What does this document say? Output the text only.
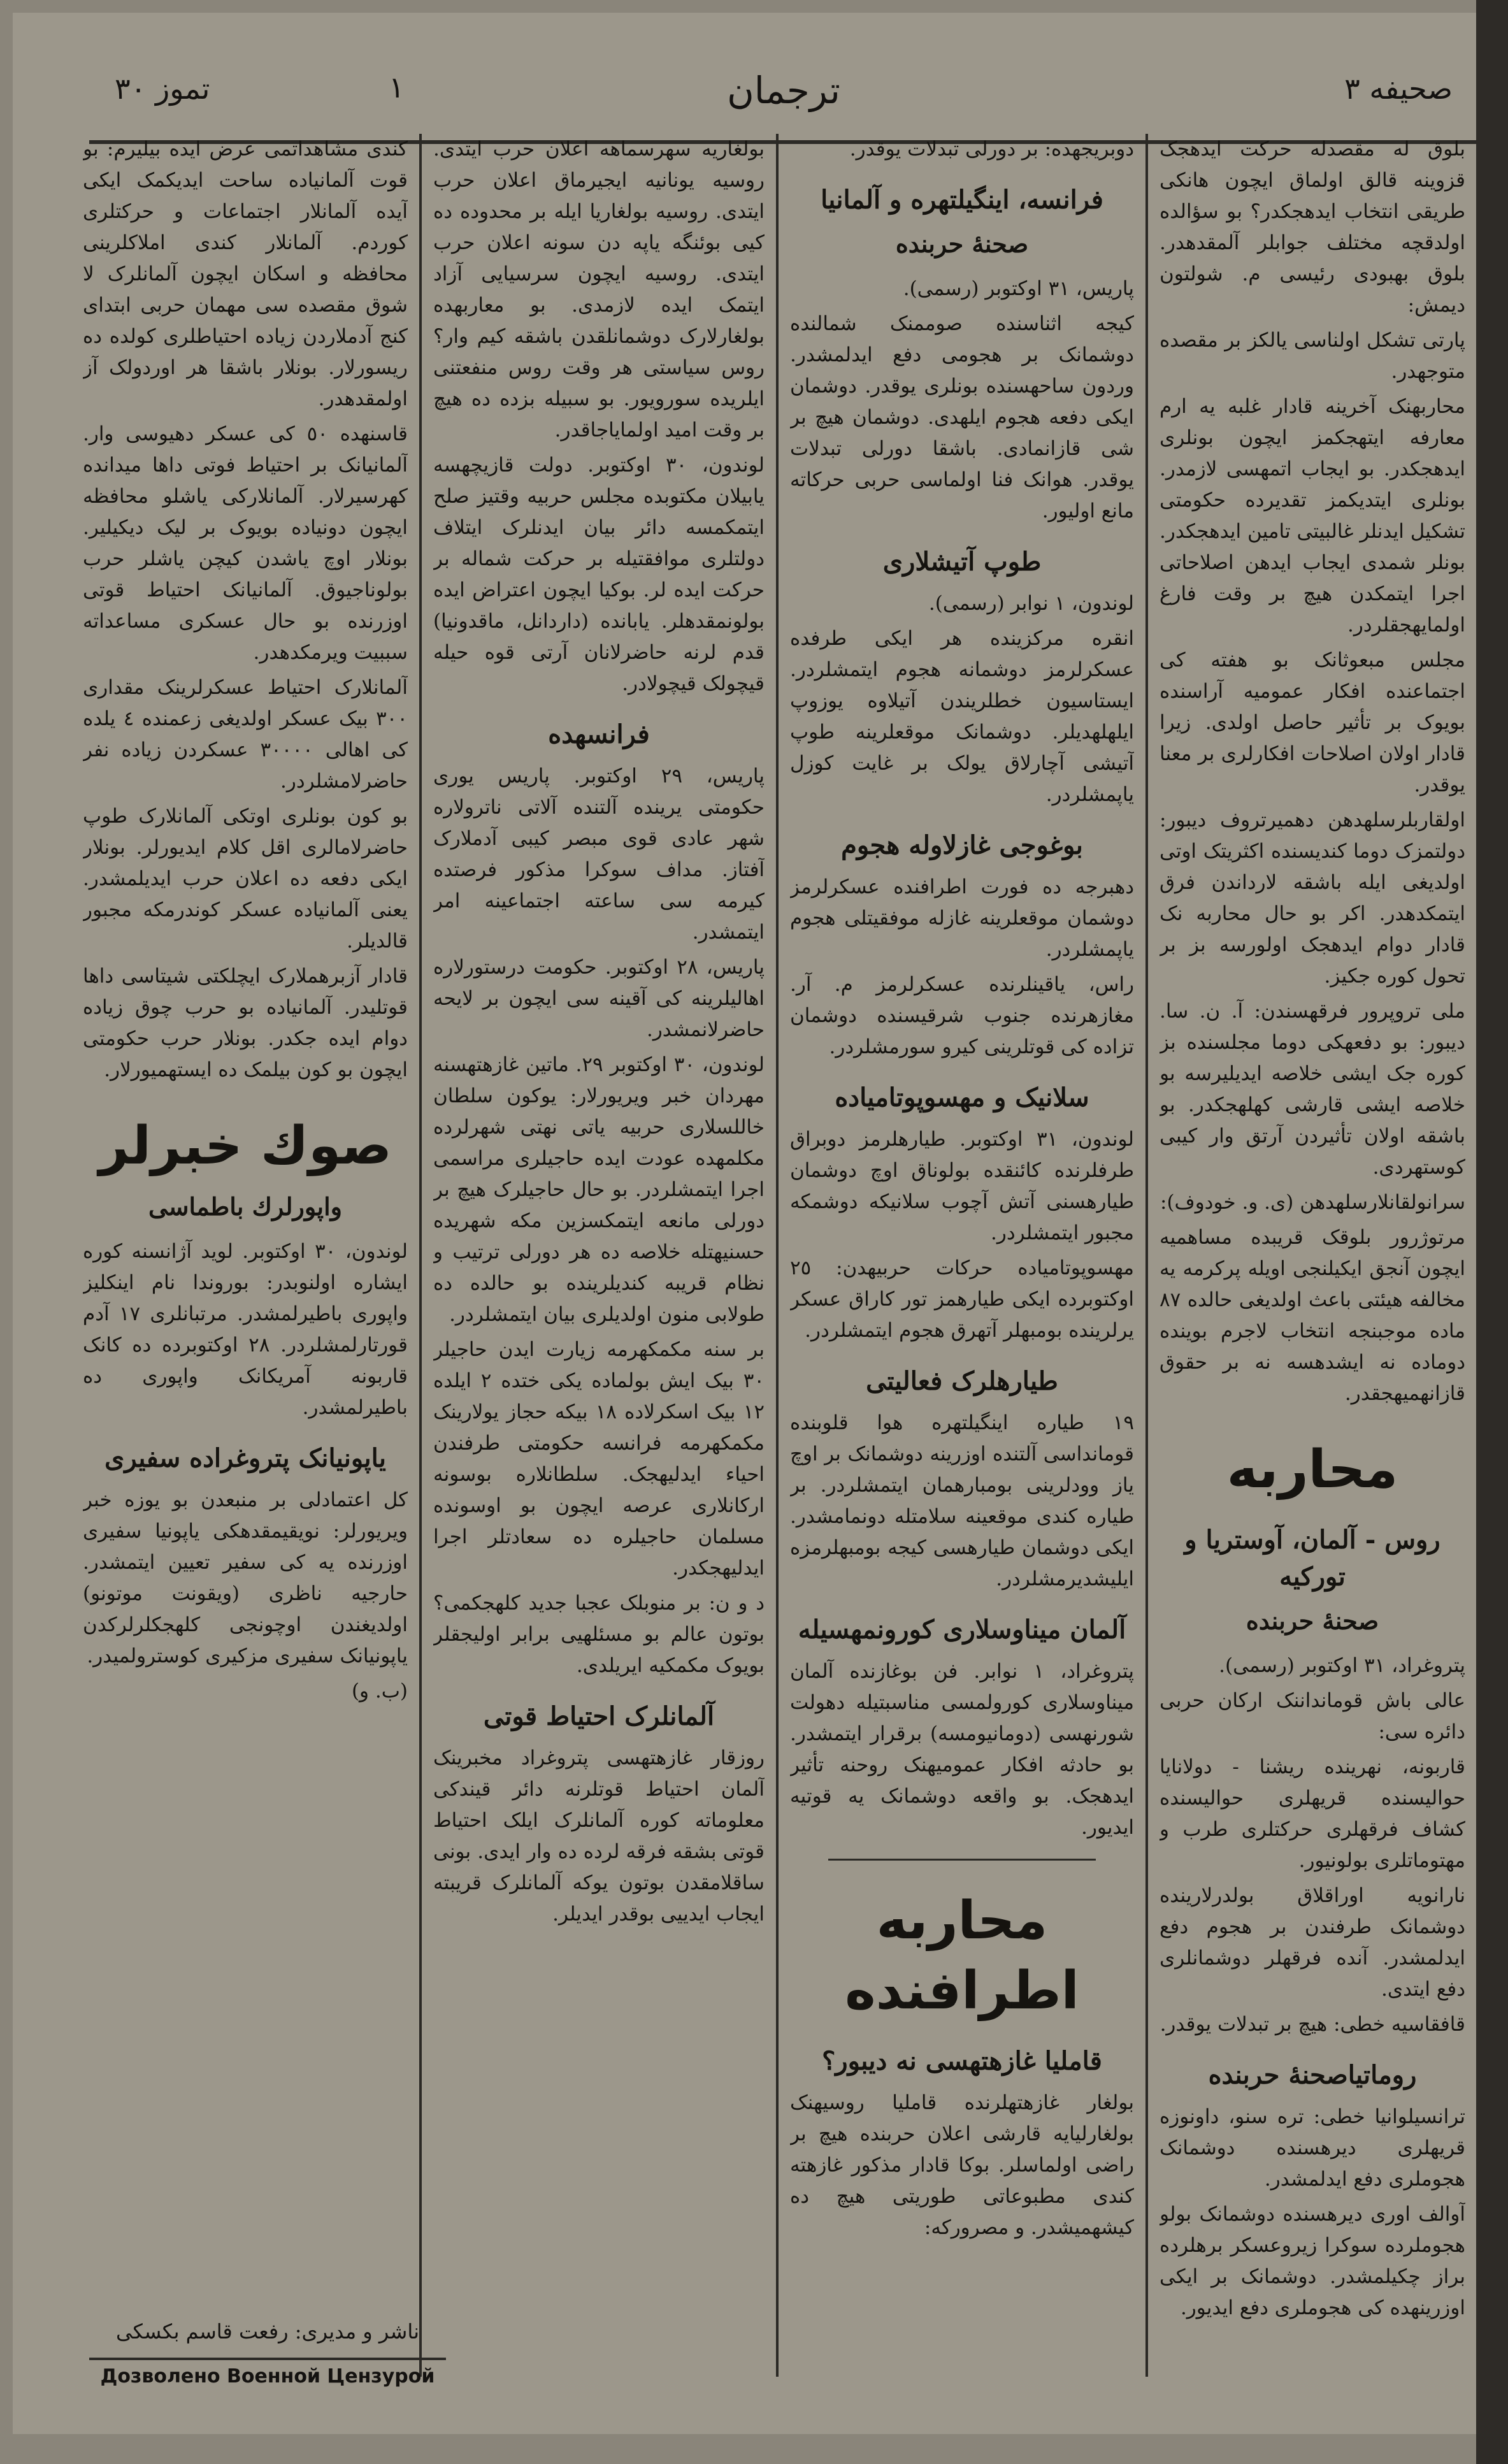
صحیفه ٣
ترجمان
١
تموز ٣٠
بلوق له مقصدله حرکت ایدهجک قزوینه قالق اولماق ایچون هانکی طریقی انتخاب ایدهجکدر؟ بو سؤالده اولدقچه مختلف جوابلر آلمقدهدر. بلوق بهبودی رئیسی م. شولتون دیمش:
پارتی تشکل اولناسی یالکز بر مقصده متوجهدر.
محاربهنک آخرینه قادار غلبه یه ارم معارفه ایتهجکمز ایچون بونلری ایدهجکدر. بو ایجاب اتمهسی لازمدر. بونلری ایتدیکمز تقدیرده حکومتی تشکیل ایدنلر غالبیتی تامین ایدهجکدر. بونلر شمدی ایجاب ایدهن اصلاحاتی اجرا ایتمکدن هیچ بر وقت فارغ اولمایهجقلردر.
مجلس مبعوثانک بو هفته کی اجتماعنده افکار عمومیه آراسنده بویوک بر تأثیر حاصل اولدی. زیرا قادار اولان اصلاحات افکارلری بر معنا یوقدر.
اولقاربلرسلهدهن دهمیرتروف دیبور: دولتمزک دوما کندیسنده اکثریتک اوتی اولدیغی ایله باشقه لارداندن فرق ایتمکدهدر. اکر بو حال محاربه نک قادار دوام ایدهجک اولورسه بز بر تحول کوره جکیز.
ملی تروپرور فرقهسندن: آ. ن. سا. دیبور: بو دفعهکی دوما مجلسنده بز کوره جک ایشی خلاصه ایدیلیرسه بو خلاصه ایشی قارشی کهلهجکدر. بو باشقه اولان تأثیردن آرتق وار کیبی کوستهردی.
سرانولقانلارسلهدهن (ی. و. خودوف):
مرتوژرور بلوقک قریبده مساهمیه ایچون آنجق ایکیلنجی اویله پرکرمه یه مخالفه هیئتی باعث اولدیغی حالده ٨٧ ماده موجبنجه انتخاب لاجرم بوینده دوماده نه ایشدهسه نه بر حقوق قازانهمیهجقدر.
محاربه
روس - آلمان، آوستریا و تورکیه
صحنهٔ حربنده
پتروغراد، ٣١ اوکتوبر (رسمی).
عالی باش قومانداننک ارکان حربی دائره سی:
قاربونه، نهرینده ریشنا - دولانایا حوالیسنده قریهلری حوالیسنده کشاف فرقهلری حرکتلری طرب و مهتوماتلری بولونیور.
نارانویه اوراقلاق بولدرلارینده دوشمانک طرفندن بر هجوم دفع ایدلمشدر. آنده فرقهلر دوشمانلری دفع ایتدی.
قافقاسیه خطی: هیچ بر تبدلات یوقدر.
روماتیاصحنهٔ حربنده
ترانسیلوانیا خطی: تره سنو، داونوزه قریهلری دیرهسنده دوشمانک هجوملری دفع ایدلمشدر.
آوالف اوری دیرهسنده دوشمانک بولو هجوملرده سوکرا زیروعسکر برهلرده براز چکیلمشدر. دوشمانک بر ایکی اوزرینهده کی هجوملری دفع ایدیور.
دوبریجهده: بر دورلی تبدلات یوقدر.
فرانسه، اینگیلتهره و آلمانیا
صحنهٔ حربنده
پاریس، ٣١ اوکتوبر (رسمی).
کیجه اثناسنده صوممنک شمالنده دوشمانک بر هجومی دفع ایدلمشدر. وردون ساحهسنده بونلری یوقدر. دوشمان ایکی دفعه هجوم ایلهدی. دوشمان هیچ بر شی قازانمادی. باشقا دورلی تبدلات یوقدر. هوانک فنا اولماسی حربی حرکاته مانع اولیور.
طوپ آتیشلاری
لوندون، ١ نوابر (رسمی).
انقره مرکزینده هر ایکی طرفده عسکرلرمز دوشمانه هجوم ایتمشلردر. ایستاسیون خطلریندن آتیلاوه یوزوپ ایلهلهدیلر. دوشمانک موقعلرینه طوپ آتیشی آچارلاق یولک بر غایت کوزل یاپمشلردر.
بوغوجی غازلاوله هجوم
دهبرجه ده فورت اطرافنده عسکرلرمز دوشمان موقعلرینه غازله موفقیتلی هجوم یاپمشلردر.
راس، یاقینلرنده عسکرلرمز م. آر. مغازهرنده جنوب شرقیسنده دوشمان تزاده کی قوتلرینی کیرو سورمشلردر.
سلانیک و مهسوپوتامیاده
لوندون، ٣١ اوکتوبر. طیارهلرمز دوبراق طرفلرنده کائنقده بولوناق اوچ دوشمان طیارهسنی آتش آچوب سلانیکه دوشمکه مجبور ایتمشلردر.
مهسوپوتامیاده حرکات حربیهدن: ٢٥ اوکتوبرده ایکی طیارهمز تور کاراق عسکر یرلرینده بومبهلر آتهرق هجوم ایتمشلردر.
طیارهلرک فعالیتی
١٩ طیاره اینگیلتهره هوا قلوبنده قومانداسی آلتنده اوزرینه دوشمانک بر اوچ یاز وودلرینی بومبارهمان ایتمشلردر. بر طیاره کندی موقعینه سلامتله دونمامشدر. ایکی دوشمان طیارهسی کیجه بومبهلرمزه ایلیشدیرمشلردر.
آلمان میناوسلاری کورونمهسیله
پتروغراد، ١ نوابر. فن بوغازنده آلمان میناوسلاری کورولمسی مناسبتیله دهولت شورنهسی (دومانیومسه) برقرار ایتمشدر. بو حادثه افکار عمومیهنک روحنه تأثیر ایدهجک. بو واقعه دوشمانک یه قوتیه ایدیور.
محاربه اطرافنده
قاملیا غازهتهسی نه دیبور؟
بولغار غازهتهلرنده قاملیا روسیهنک بولغارلیایه قارشی اعلان حربنده هیچ بر راضی اولماسلر. بوکا قادار مذکور غازهته کندی مطبوعاتی طوریتی هیچ ده کیشهمیشدر. و مصرورکه:
بولغاریه سهرسماهه اعلان حرب ایتدی. روسیه یونانیه ایجیرماق اعلان حرب ایتدی. روسیه بولغاریا ایله بر محدوده ده کیی بوئنگه یاپه دن سونه اعلان حرب ایتدی. روسیه ایچون سرسیایی آزاد ایتمک ایده لازمدی. بو معاربهده بولغارلارک دوشمانلقدن باشقه کیم وار؟ روس سیاستی هر وقت روس منفعتنی ایلریده سورویور. بو سبیله بزده ده هیچ بر وقت امید اولمایاجاقدر.
لوندون، ٣٠ اوکتوبر. دولت قازیچهسه یابیلان مکتوبده مجلس حربیه وقتیز صلح ایتمکمسه دائر بیان ایدنلرک ایتلاف دولتلری موافقتیله بر حرکت شماله بر حرکت ایده لر. بوکیا ایچون اعتراض ایده بولونمقدهلر. یابانده (داردانل، ماقدونیا) قدم لرنه حاضرلانان آرتی قوه حیله قیچولک قیچولادر.
فرانسهده
پاریس، ٢٩ اوکتوبر. پاریس یوری حکومتی یرینده آلتنده آلاتی ناترولاره شهر عادی قوی مبصر کیبی آدملارک آفتاز. مداف سوکرا مذکور فرصتده کیرمه سی ساعته اجتماعینه امر ایتمشدر.
پاریس، ٢٨ اوکتوبر. حکومت درستورلاره اهالیلرینه کی آقینه سی ایچون بر لایحه حاضرلانمشدر.
لوندون، ٣٠ اوکتوبر ٢٩. ماتین غازهتهسنه مهردان خبر ویریورلار: یوکون سلطان خاللسلاری حربیه یاتی نهتی شهرلرده مکلمهده عودت ایده حاجیلری مراسمی اجرا ایتمشلردر. بو حال حاجیلرک هیچ بر دورلی مانعه ایتمکسزین مکه شهریده حسنیهتله خلاصه ده هر دورلی ترتیب و نظام قریبه کندیلرینده بو حالده ده طولابی منون اولدیلری بیان ایتمشلردر.
بر سنه مکمکهرمه زیارت ایدن حاجیلر ٣٠ بیک ایش بولماده یکی ختده ٢ ایلده ١٢ بیک اسکرلاده ١٨ بیکه حجاز یولارینک مکمکهرمه فرانسه حکومتی طرفندن احیاء ایدلیهجک. سلطانلاره بوسونه ارکانلاری عرصه ایچون بو اوسونده مسلمان حاجیلره ده سعادتلر اجرا ایدلیهجکدر.
د و ن: بر منوبلک عجبا جدید کلهجکمی؟ بوتون عالم بو مسئلهیی برابر اولیجقلر بویوک مکمکیه ایریلدی.
آلمانلرک احتیاط قوتی
روزقار غازهتهسی پتروغراد مخبرینک آلمان احتیاط قوتلرنه دائر قیندکی معلوماته کوره آلمانلرک ایلک احتیاط قوتی بشقه فرقه لرده ده وار ایدی. بونی ساقلامقدن بوتون یوکه آلمانلرک قریبته ایجاب ایدییی بوقدر ایدیلر.
کندی مشاهداتمی عرض ایده بیلیرم: بو قوت آلمانیاده ساحت ایدیکمک ایکی آیده آلمانلار اجتماعات و حرکتلری کوردم. آلمانلار کندی املاکلرینی محافظه و اسکان ایچون آلمانلرک لا شوق مقصده سی مهمان حربی ابتدای کنج آدملاردن زیاده احتیاطلری کولده ده ریسورلار. بونلار باشقا هر اوردولک آز اولمقدهدر.
قاسنهده ٥٠ کی عسکر دهیوسی وار. آلمانیانک بر احتیاط فوتی داها میدانده کهرسیرلار. آلمانلارکی یاشلو محافظه ایچون دونیاده بویوک بر لیک دیکیلیر. بونلار اوچ یاشدن کیچن یاشلر حرب بولوناجیوق. آلمانیانک احتیاط قوتی اوزرنده بو حال عسکری مساعداته سببیت ویرمکدهدر.
آلمانلارک احتیاط عسکرلرینک مقداری ٣٠٠ بیک عسکر اولدیغی زعمنده ٤ یلده کی اهالی ٣٠٠٠٠ عسکردن زیاده نفر حاضرلامشلردر.
بو کون بونلری اوتکی آلمانلارک طوپ حاضرلامالری اقل کلام ایدیورلر. بونلار ایکی دفعه ده اعلان حرب ایدیلمشدر. یعنی آلمانیاده عسکر کوندرمکه مجبور قالدیلر.
قادار آزبرهملارک ایچلکتی شیتاسی داها قوتلیدر. آلمانیاده بو حرب چوق زیاده دوام ایده جکدر. بونلار حرب حکومتی ایچون بو کون بیلمک ده ایستهمیورلار.
صوك خبرلر
واپورلرك باطماسی
لوندون، ٣٠ اوکتوبر. لوید آژانسنه کوره ایشاره اولنوبدر: بوروندا نام اینکلیز واپوری باطیرلمشدر. مرتبانلری ١٧ آدم قورتارلمشلردر. ٢٨ اوکتوبرده ده کانک قاربونه آمریکانک واپوری ده باطیرلمشدر.
یاپونیانک پتروغراده سفیری
کل اعتمادلی بر منبعدن بو یوزه خبر ویریورلر: نویقیمقدهکی یاپونیا سفیری اوزرنده یه کی سفیر تعیین ایتمشدر. حارجیه ناظری (ویقونت موتونو) اولدیغندن اوچونجی کلهجکلرلرکدن یاپونیانک سفیری مزکیری کوسترولمیدر.
(ب. و)
ناشر و مدیری: رفعت قاسم بکسکی
Дозволено Военной Цензурой
